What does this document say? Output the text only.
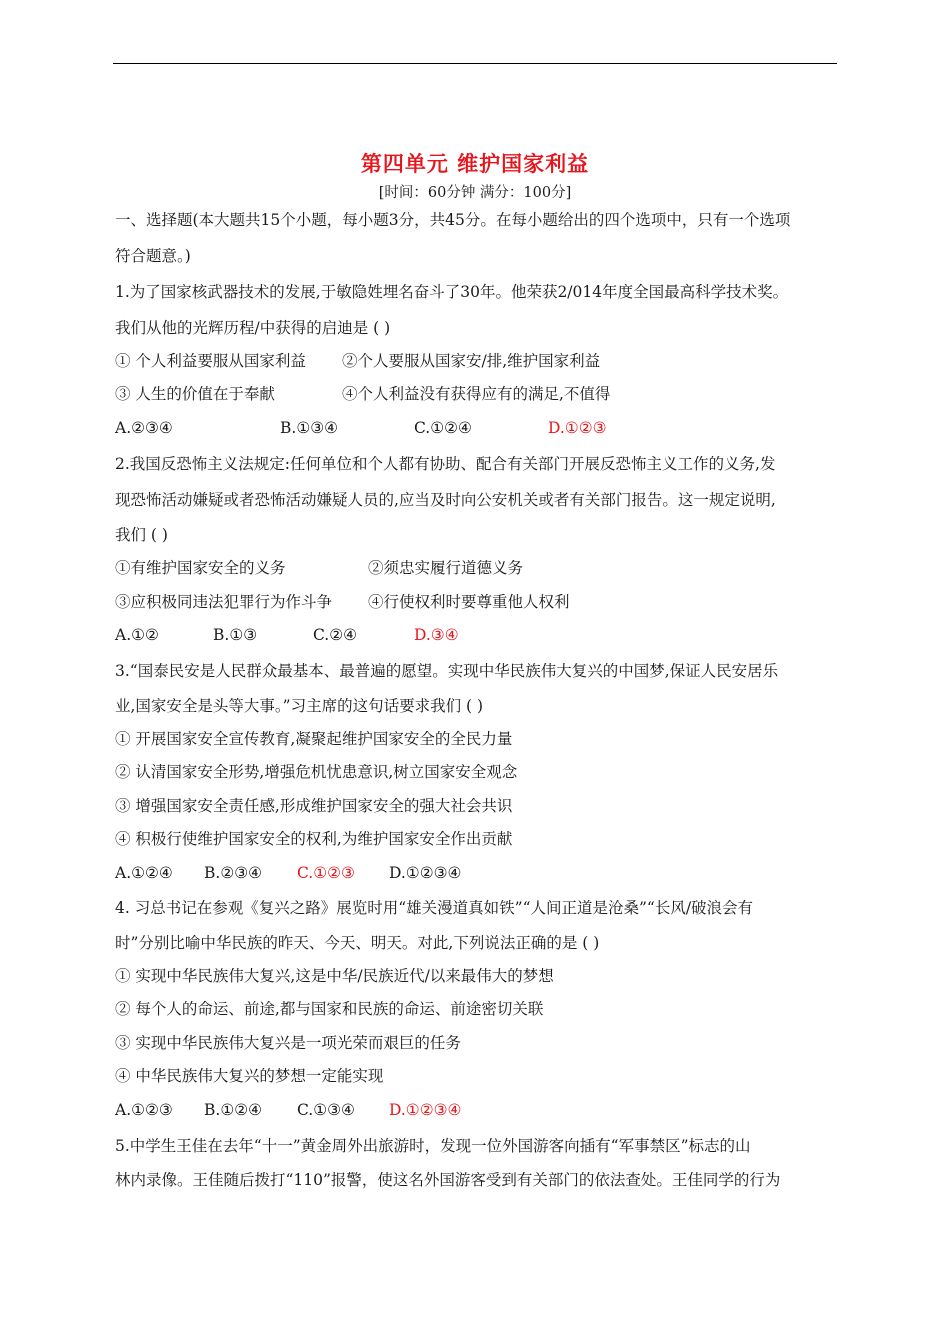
第四单元 维护国家利益
[时间：60分钟 满分：100分]
一、选择题(本大题共15个小题，每小题3分，共45分。在每小题给出的四个选项中，只有一个选项
符合题意。)
1.为了国家核武器技术的发展,于敏隐姓埋名奋斗了30年。他荣获2/014年度全国最高科学技术奖。
我们从他的光辉历程/中获得的启迪是 ( )
① 个人利益要服从国家利益 ②个人要服从国家安/排,维护国家利益
③ 人生的价值在于奉献	④个人利益没有获得应有的满足,不值得
A.②③④	B.①③④	C.①②④	D.①②③
2.我国反恐怖主义法规定:任何单位和个人都有协助、配合有关部门开展反恐怖主义工作的义务,发
现恐怖活动嫌疑或者恐怖活动嫌疑人员的,应当及时向公安机关或者有关部门报告。这一规定说明,
我们 ( )
①有维护国家安全的义务	②须忠实履行道德义务
③应积极同违法犯罪行为作斗争 ④行使权利时要尊重他人权利
A.①②	B.①③	C.②④	D.③④
3.“国泰民安是人民群众最基本、最普遍的愿望。实现中华民族伟大复兴的中国梦,保证人民安居乐
业,国家安全是头等大事。”习主席的这句话要求我们 ( )
① 开展国家安全宣传教育,凝聚起维护国家安全的全民力量
② 认清国家安全形势,增强危机忧患意识,树立国家安全观念
③ 增强国家安全责任感,形成维护国家安全的强大社会共识
④ 积极行使维护国家安全的权利,为维护国家安全作出贡献
A.①②④ B.②③④ C.①②③ D.①②③④
4. 习总书记在参观《复兴之路》展览时用“雄关漫道真如铁”“人间正道是沧桑”“长风/破浪会有
时”分别比喻中华民族的昨天、今天、明天。对此,下列说法正确的是 ( )
① 实现中华民族伟大复兴,这是中华/民族近代/以来最伟大的梦想
② 每个人的命运、前途,都与国家和民族的命运、前途密切关联
③ 实现中华民族伟大复兴是一项光荣而艰巨的任务
④ 中华民族伟大复兴的梦想一定能实现
A.①②③ B.①②④ C.①③④ D.①②③④
5.中学生王佳在去年“十一”黄金周外出旅游时，发现一位外国游客向插有“军事禁区”标志的山
林内录像。王佳随后拨打“110”报警，使这名外国游客受到有关部门的依法查处。王佳同学的行为
